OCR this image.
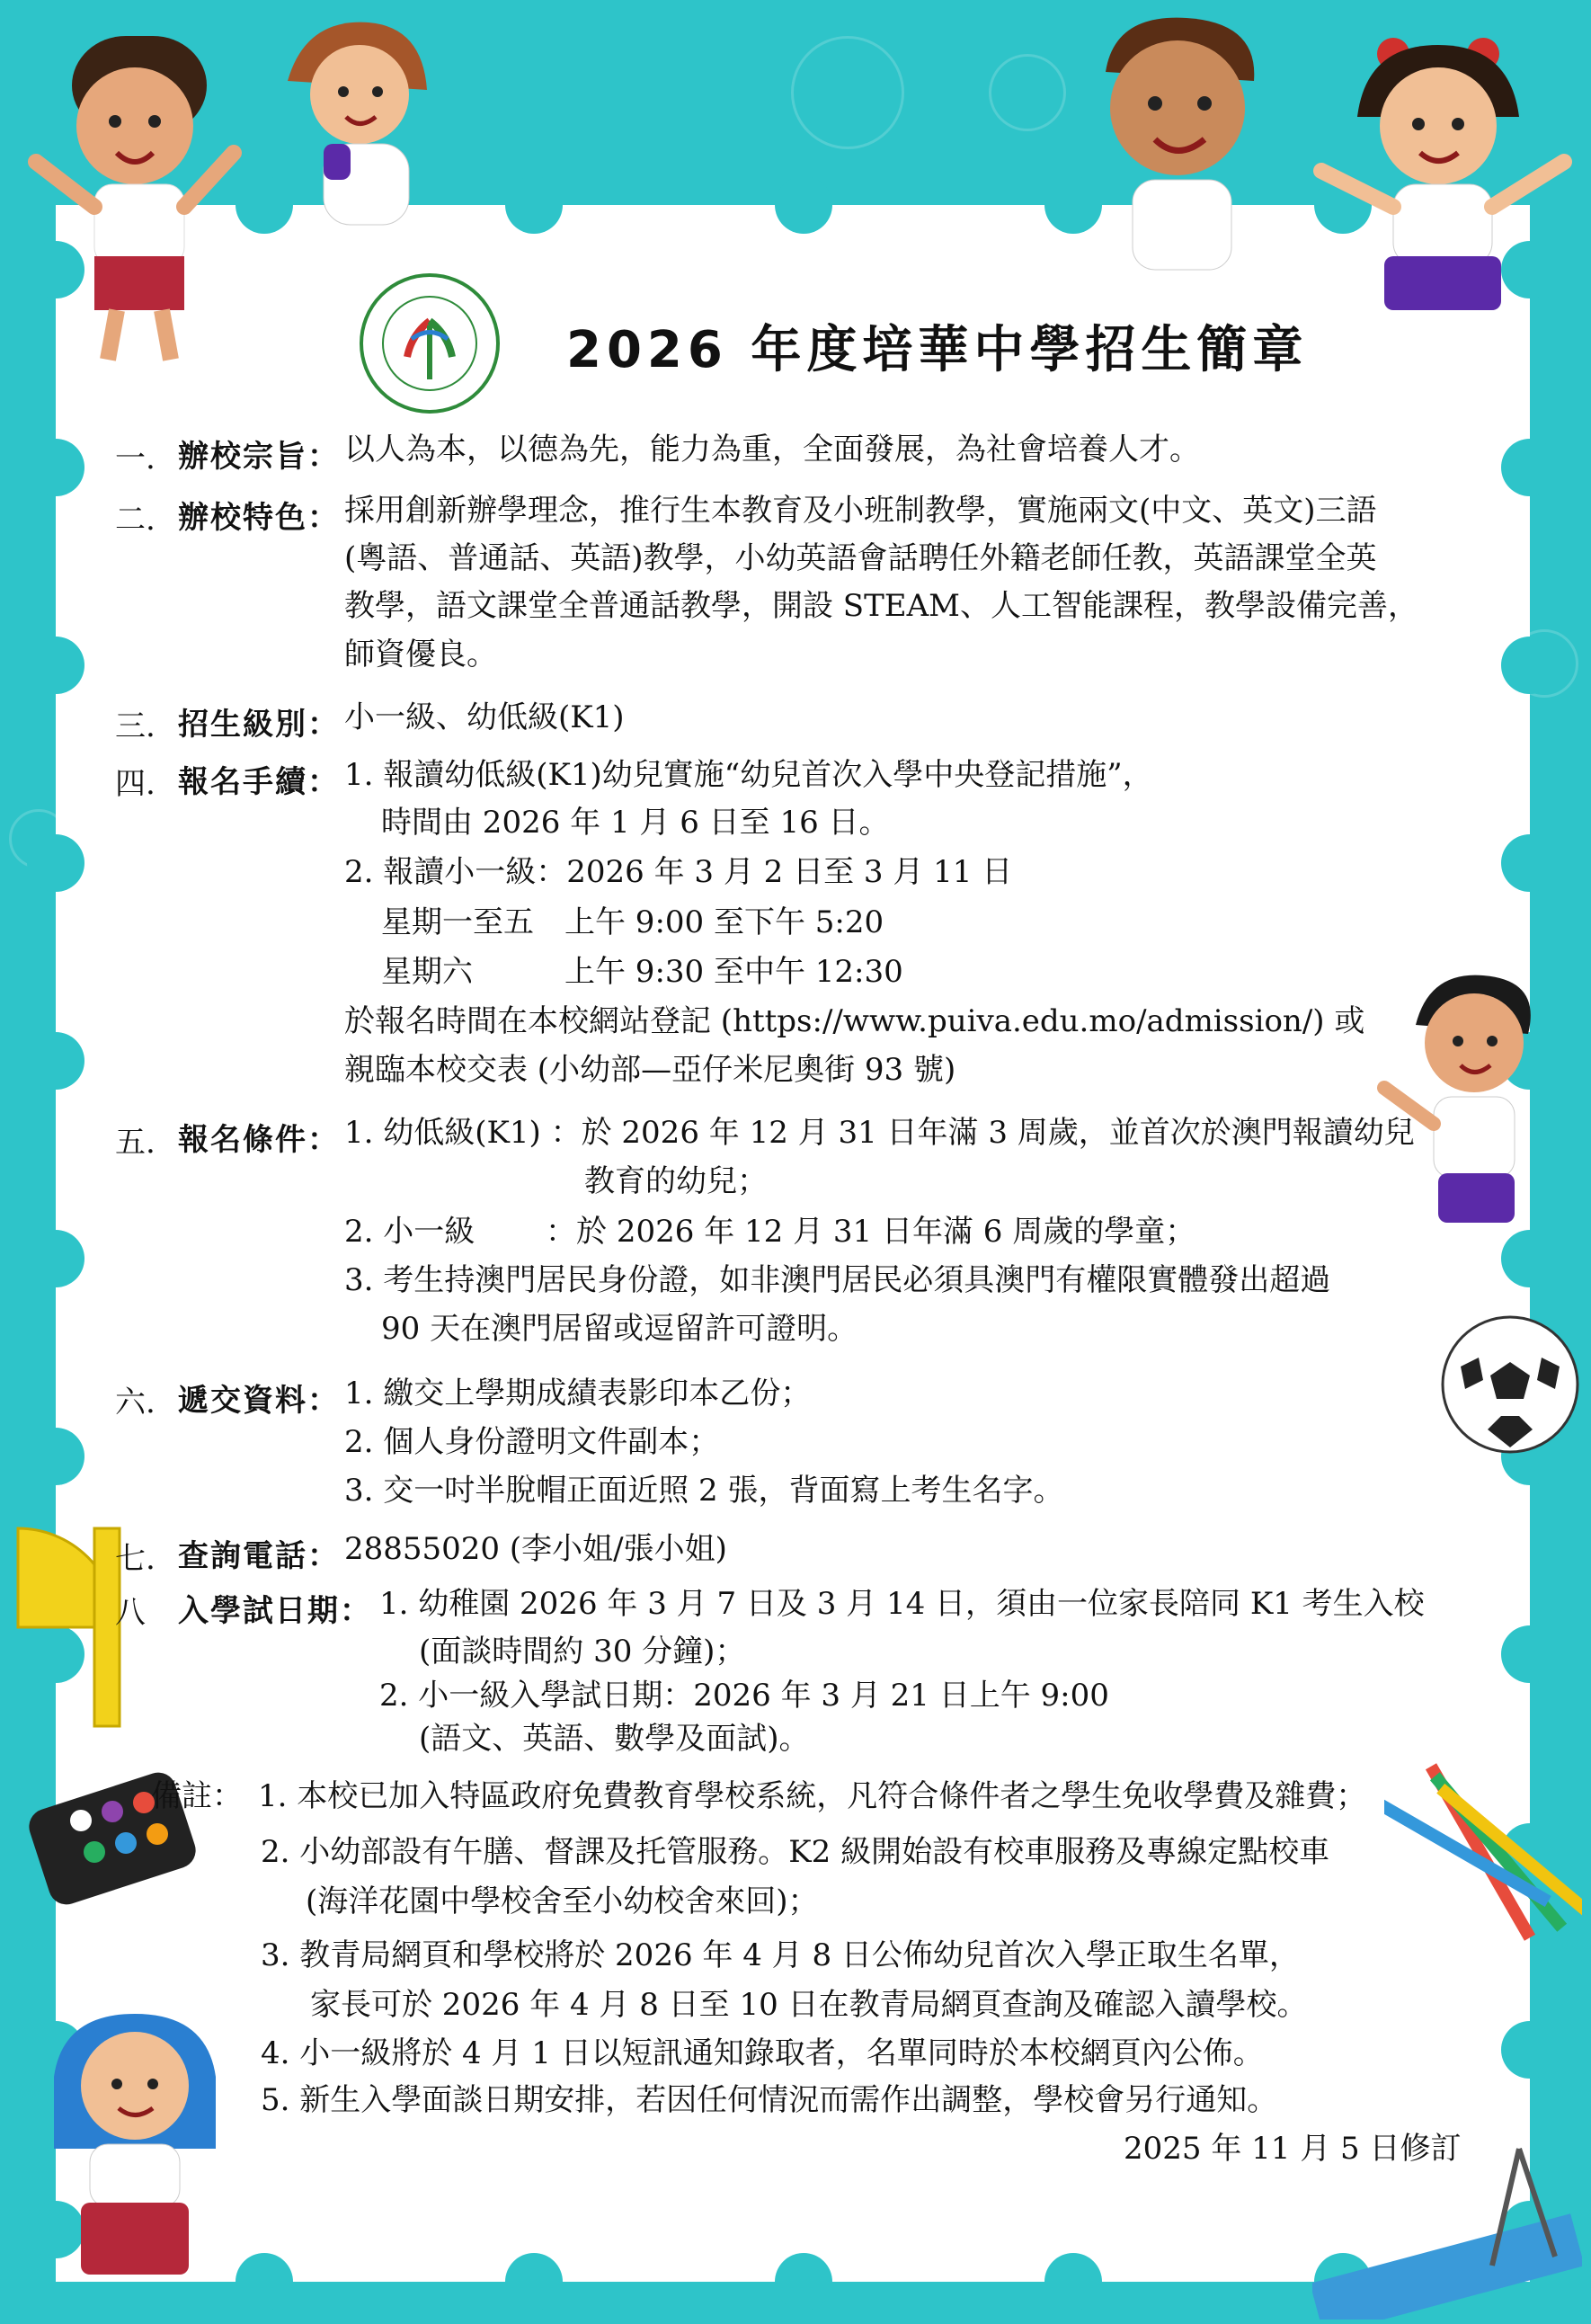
2026 年度培華中學招生簡章
一. 辦校宗旨： 以人為本，以德為先，能力為重，全面發展，為社會培養人才。
二. 辦校特色： 採用創新辦學理念，推行生本教育及小班制教學，實施兩文(中文、英文)三語
(粵語、普通話、英語)教學，小幼英語會話聘任外籍老師任教，英語課堂全英
教學，語文課堂全普通話教學，開設 STEAM、人工智能課程，教學設備完善，
師資優良。
三. 招生級別： 小一級、幼低級(K1)
四. 報名手續： 1. 報讀幼低級(K1)幼兒實施“幼兒首次入學中央登記措施”，
時間由 2026 年 1 月 6 日至 16 日。
2. 報讀小一級：2026 年 3 月 2 日至 3 月 11 日
星期一至五　上午 9:00 至下午 5:20
星期六　　　上午 9:30 至中午 12:30
於報名時間在本校網站登記 (https://www.puiva.edu.mo/admission/) 或
親臨本校交表 (小幼部—亞仔米尼奧街 93 號)
五. 報名條件： 1. 幼低級(K1) ：於 2026 年 12 月 31 日年滿 3 周歲，並首次於澳門報讀幼兒
教育的幼兒；
2. 小一級　　 ：於 2026 年 12 月 31 日年滿 6 周歲的學童；
3. 考生持澳門居民身份證，如非澳門居民必須具澳門有權限實體發出超過
90 天在澳門居留或逗留許可證明。
六. 遞交資料： 1. 繳交上學期成績表影印本乙份；
2. 個人身份證明文件副本；
3. 交一吋半脫帽正面近照 2 張，背面寫上考生名字。
七. 查詢電話： 28855020 (李小姐/張小姐)
八 入學試日期： 1. 幼稚園 2026 年 3 月 7 日及 3 月 14 日，須由一位家長陪同 K1 考生入校
(面談時間約 30 分鐘)；
2. 小一級入學試日期：2026 年 3 月 21 日上午 9:00
(語文、英語、數學及面試)。
備註： 1. 本校已加入特區政府免費教育學校系統，凡符合條件者之學生免收學費及雜費；
2. 小幼部設有午膳、督課及托管服務。K2 級開始設有校車服務及專線定點校車
(海洋花園中學校舍至小幼校舍來回)；
3. 教青局網頁和學校將於 2026 年 4 月 8 日公佈幼兒首次入學正取生名單，
家長可於 2026 年 4 月 8 日至 10 日在教青局網頁查詢及確認入讀學校。
4. 小一級將於 4 月 1 日以短訊通知錄取者，名單同時於本校網頁內公佈。
5. 新生入學面談日期安排，若因任何情況而需作出調整，學校會另行通知。
2025 年 11 月 5 日修訂
